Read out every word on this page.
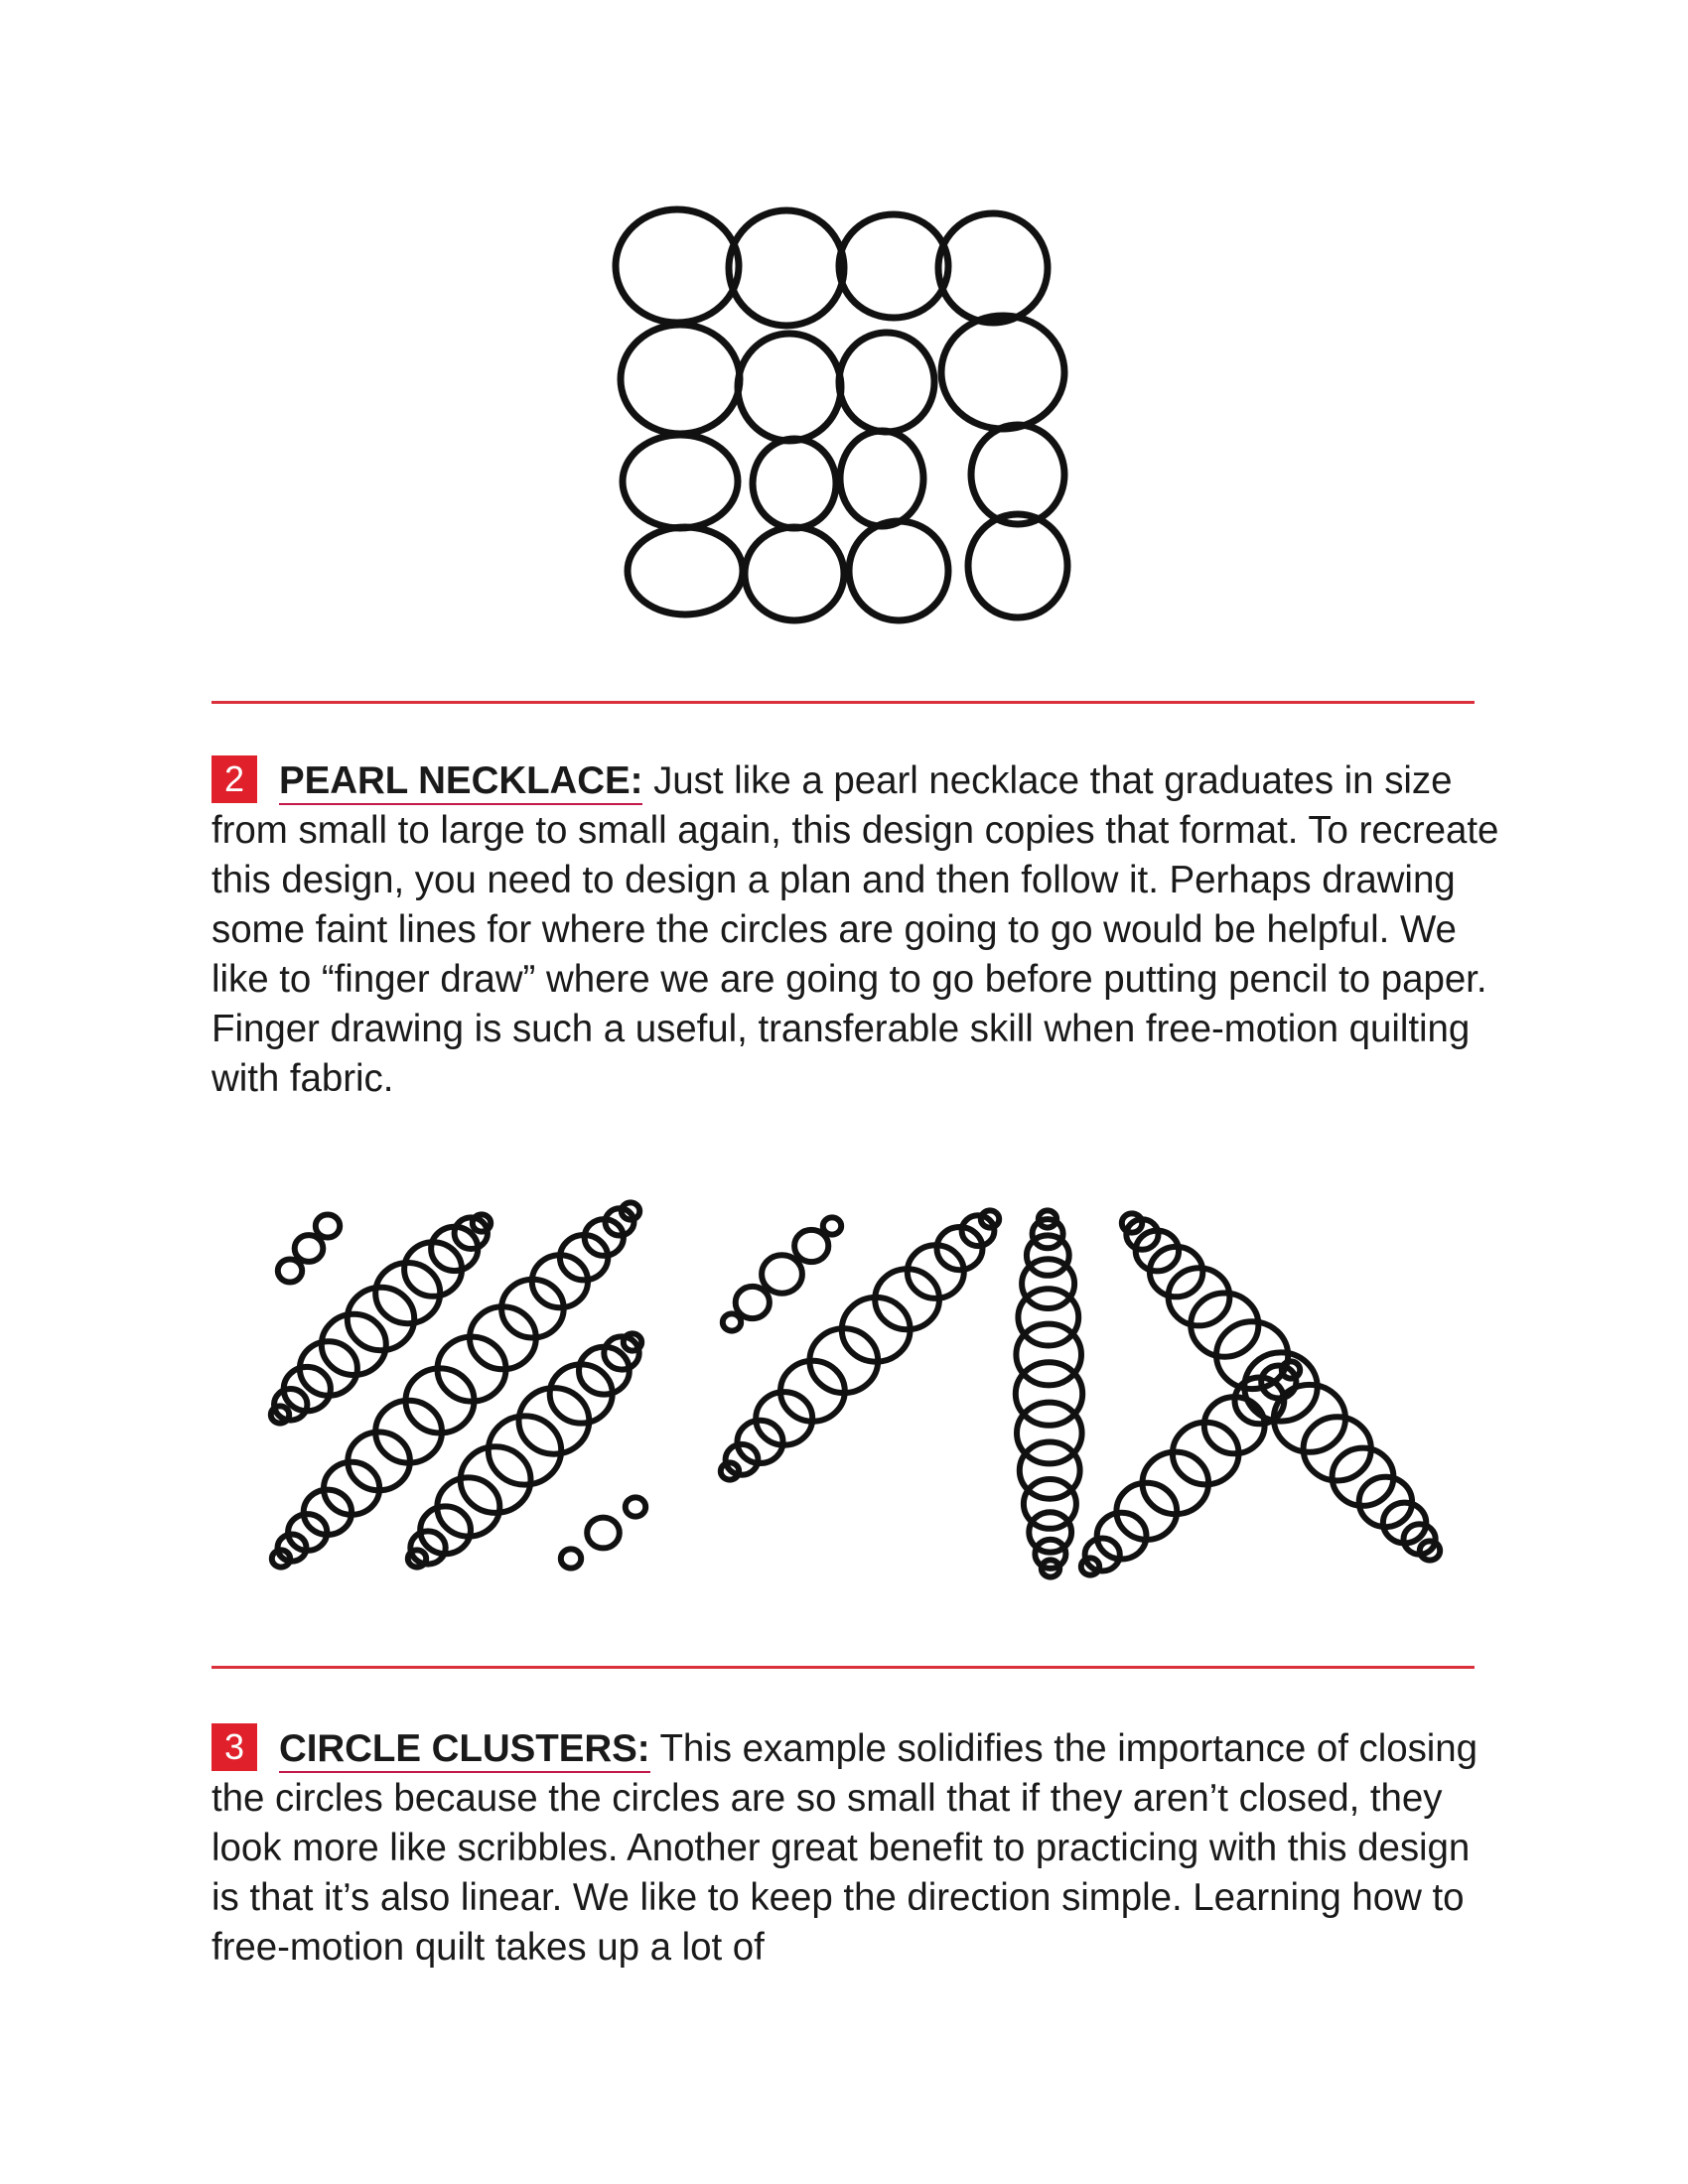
2 PEARL NECKLACE: Just like a pearl necklace that graduates in size from small to large to small again, this design copies that format. To recreate this design, you need to design a plan and then follow it. Perhaps drawing some faint lines for where the circles are going to go would be helpful. We like to “finger draw” where we are going to go before putting pencil to paper. Finger drawing is such a useful, transferable skill when free-motion quilting with fabric.
3 CIRCLE CLUSTERS: This example solidifies the importance of closing the circles because the circles are so small that if they aren’t closed, they look more like scribbles. Another great benefit to practicing with this design is that it’s also linear. We like to keep the direction simple. Learning how to free-motion quilt takes up a lot of
